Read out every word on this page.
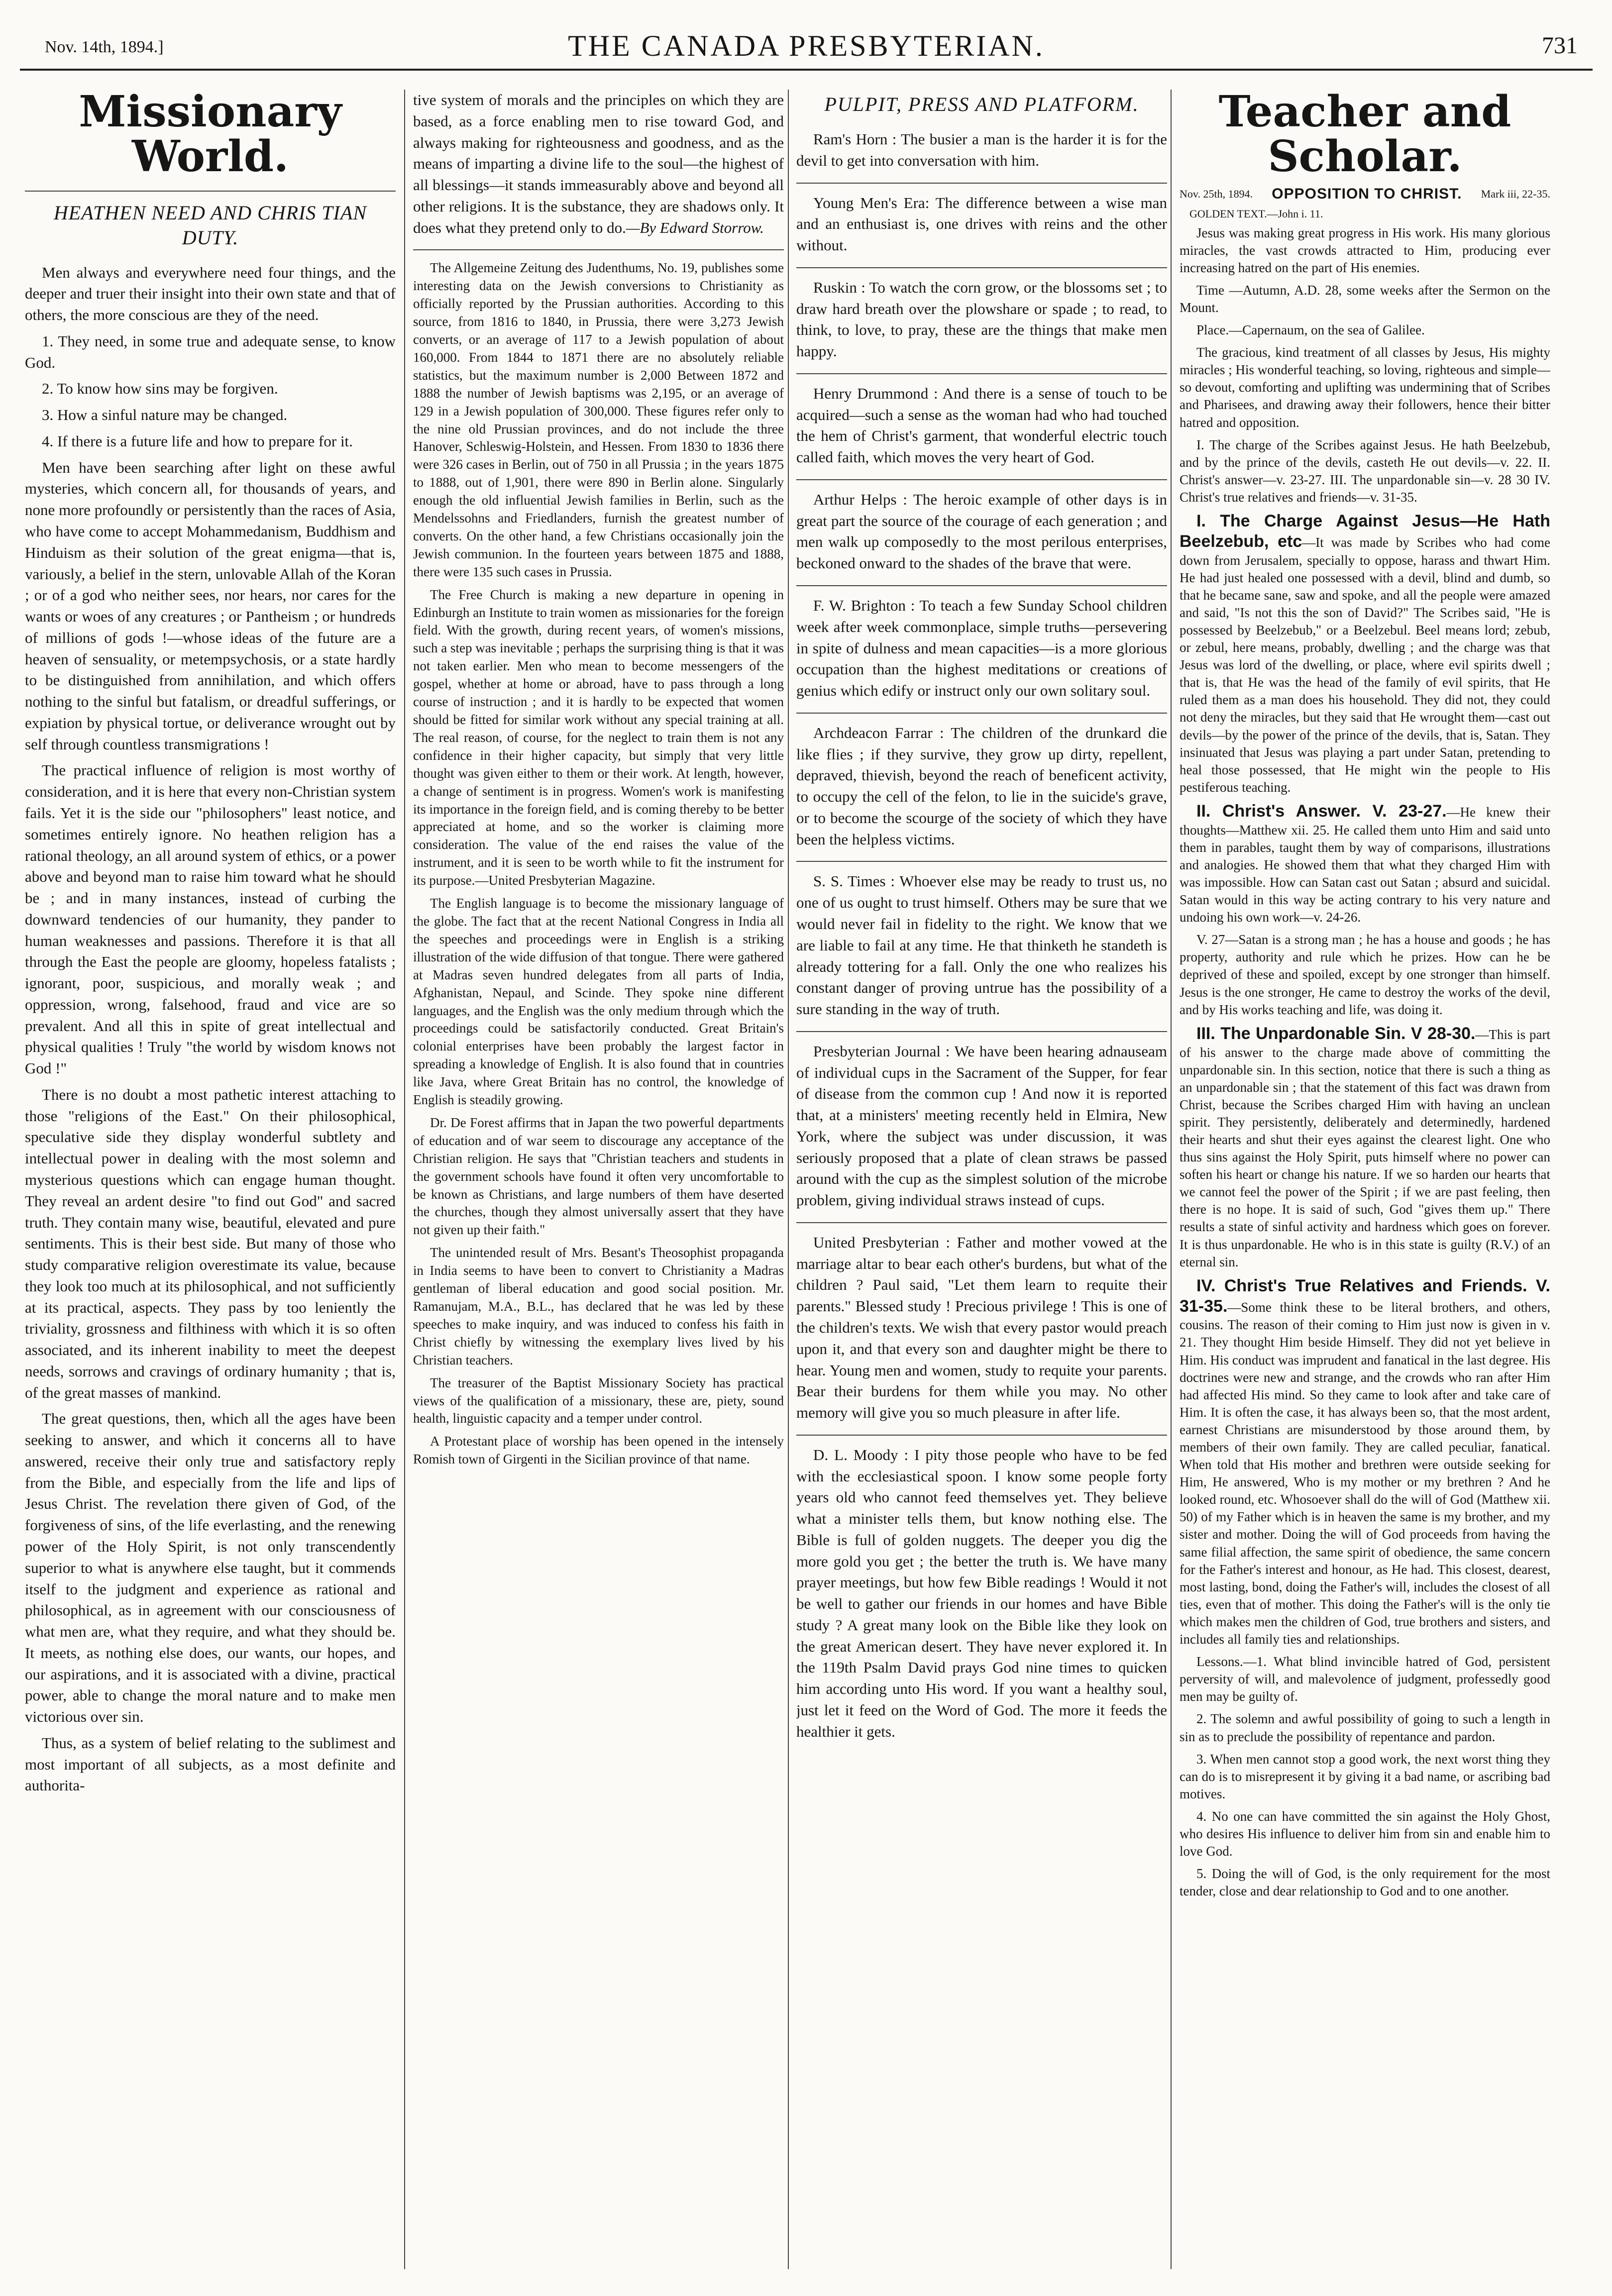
Nov. 14th, 1894.]	THE CANADA PRESBYTERIAN.	731
Missionary World.
HEATHEN NEED AND CHRIS TIAN DUTY.

Men always and everywhere need four things, and the deeper and truer their insight into their own state and that of others, the more conscious are they of the need.

1. They need, in some true and adequate sense, to know God.

2. To know how sins may be forgiven.

3. How a sinful nature may be changed.

4. If there is a future life and how to prepare for it.

Men have been searching after light on these awful mysteries, which concern all, for thousands of years, and none more profoundly or persistently than the races of Asia, who have come to accept Mohammedanism, Buddhism and Hinduism as their solution of the great enigma—that is, variously, a belief in the stern, unlovable Allah of the Koran ; or of a god who neither sees, nor hears, nor cares for the wants or woes of any creatures ; or Pantheism ; or hundreds of millions of gods !—whose ideas of the future are a heaven of sensuality, or metempsychosis, or a state hardly to be distinguished from annihilation, and which offers nothing to the sinful but fatalism, or dreadful sufferings, or expiation by physical tortue, or deliverance wrought out by self through countless transmigrations !

The practical influence of religion is most worthy of consideration, and it is here that every non-Christian system fails. Yet it is the side our "philosophers" least notice, and sometimes entirely ignore. No heathen religion has a rational theology, an all around system of ethics, or a power above and beyond man to raise him toward what he should be ; and in many instances, instead of curbing the downward tendencies of our humanity, they pander to human weaknesses and passions. Therefore it is that all through the East the people are gloomy, hopeless fatalists ; ignorant, poor, suspicious, and morally weak ; and oppression, wrong, falsehood, fraud and vice are so prevalent. And all this in spite of great intellectual and physical qualities ! Truly "the world by wisdom knows not God !"

There is no doubt a most pathetic interest attaching to those "religions of the East." On their philosophical, speculative side they display wonderful subtlety and intellectual power in dealing with the most solemn and mysterious questions which can engage human thought. They reveal an ardent desire "to find out God" and sacred truth. They contain many wise, beautiful, elevated and pure sentiments. This is their best side. But many of those who study comparative religion overestimate its value, because they look too much at its philosophical, and not sufficiently at its practical, aspects. They pass by too leniently the triviality, grossness and filthiness with which it is so often associated, and its inherent inability to meet the deepest needs, sorrows and cravings of ordinary humanity ; that is, of the great masses of mankind.

The great questions, then, which all the ages have been seeking to answer, and which it concerns all to have answered, receive their only true and satisfactory reply from the Bible, and especially from the life and lips of Jesus Christ. The revelation there given of God, of the forgiveness of sins, of the life everlasting, and the renewing power of the Holy Spirit, is not only transcendently superior to what is anywhere else taught, but it commends itself to the judgment and experience as rational and philosophical, as in agreement with our consciousness of what men are, what they require, and what they should be. It meets, as nothing else does, our wants, our hopes, and our aspirations, and it is associated with a divine, practical power, able to change the moral nature and to make men victorious over sin.

Thus, as a system of belief relating to the sublimest and most important of all subjects, as a most definite and authorita-

tive system of morals and the principles on which they are based, as a force enabling men to rise toward God, and always making for righteousness and goodness, and as the means of imparting a divine life to the soul—the highest of all blessings—it stands immeasurably above and beyond all other religions. It is the substance, they are shadows only. It does what they pretend only to do.—By Edward Storrow.

The Allgemeine Zeitung des Judenthums, No. 19, publishes some interesting data on the Jewish conversions to Christianity as officially reported by the Prussian authorities. According to this source, from 1816 to 1840, in Prussia, there were 3,273 Jewish converts, or an average of 117 to a Jewish population of about 160,000. From 1844 to 1871 there are no absolutely reliable statistics, but the maximum number is 2,000 Between 1872 and 1888 the number of Jewish baptisms was 2,195, or an average of 129 in a Jewish population of 300,000. These figures refer only to the nine old Prussian provinces, and do not include the three Hanover, Schleswig-Holstein, and Hessen. From 1830 to 1836 there were 326 cases in Berlin, out of 750 in all Prussia ; in the years 1875 to 1888, out of 1,901, there were 890 in Berlin alone. Singularly enough the old influential Jewish families in Berlin, such as the Mendelssohns and Friedlanders, furnish the greatest number of converts. On the other hand, a few Christians occasionally join the Jewish communion. In the fourteen years between 1875 and 1888, there were 135 such cases in Prussia.

The Free Church is making a new departure in opening in Edinburgh an Institute to train women as missionaries for the foreign field. With the growth, during recent years, of women's missions, such a step was inevitable ; perhaps the surprising thing is that it was not taken earlier. Men who mean to become messengers of the gospel, whether at home or abroad, have to pass through a long course of instruction ; and it is hardly to be expected that women should be fitted for similar work without any special training at all. The real reason, of course, for the neglect to train them is not any confidence in their higher capacity, but simply that very little thought was given either to them or their work. At length, however, a change of sentiment is in progress. Women's work is manifesting its importance in the foreign field, and is coming thereby to be better appreciated at home, and so the worker is claiming more consideration. The value of the end raises the value of the instrument, and it is seen to be worth while to fit the instrument for its purpose.—United Presbyterian Magazine.

The English language is to become the missionary language of the globe. The fact that at the recent National Congress in India all the speeches and proceedings were in English is a striking illustration of the wide diffusion of that tongue. There were gathered at Madras seven hundred delegates from all parts of India, Afghanistan, Nepaul, and Scinde. They spoke nine different languages, and the English was the only medium through which the proceedings could be satisfactorily conducted. Great Britain's colonial enterprises have been probably the largest factor in spreading a knowledge of English. It is also found that in countries like Java, where Great Britain has no control, the knowledge of English is steadily growing.

Dr. De Forest affirms that in Japan the two powerful departments of education and of war seem to discourage any acceptance of the Christian religion. He says that "Christian teachers and students in the government schools have found it often very uncomfortable to be known as Christians, and large numbers of them have deserted the churches, though they almost universally assert that they have not given up their faith."

The unintended result of Mrs. Besant's Theosophist propaganda in India seems to have been to convert to Christianity a Madras gentleman of liberal education and good social position. Mr. Ramanujam, M.A., B.L., has declared that he was led by these speeches to make inquiry, and was induced to confess his faith in Christ chiefly by witnessing the exemplary lives lived by his Christian teachers.

The treasurer of the Baptist Missionary Society has practical views of the qualification of a missionary, these are, piety, sound health, linguistic capacity and a temper under control.

A Protestant place of worship has been opened in the intensely Romish town of Girgenti in the Sicilian province of that name.

PULPIT, PRESS AND PLATFORM.

Ram's Horn : The busier a man is the harder it is for the devil to get into conversation with him.

Young Men's Era: The difference between a wise man and an enthusiast is, one drives with reins and the other without.

Ruskin : To watch the corn grow, or the blossoms set ; to draw hard breath over the plowshare or spade ; to read, to think, to love, to pray, these are the things that make men happy.

Henry Drummond : And there is a sense of touch to be acquired—such a sense as the woman had who had touched the hem of Christ's garment, that wonderful electric touch called faith, which moves the very heart of God.

Arthur Helps : The heroic example of other days is in great part the source of the courage of each generation ; and men walk up composedly to the most perilous enterprises, beckoned onward to the shades of the brave that were.

F. W. Brighton : To teach a few Sunday School children week after week commonplace, simple truths—persevering in spite of dulness and mean capacities—is a more glorious occupation than the highest meditations or creations of genius which edify or instruct only our own solitary soul.

Archdeacon Farrar : The children of the drunkard die like flies ; if they survive, they grow up dirty, repellent, depraved, thievish, beyond the reach of beneficent activity, to occupy the cell of the felon, to lie in the suicide's grave, or to become the scourge of the society of which they have been the helpless victims.

S. S. Times : Whoever else may be ready to trust us, no one of us ought to trust himself. Others may be sure that we would never fail in fidelity to the right. We know that we are liable to fail at any time. He that thinketh he standeth is already tottering for a fall. Only the one who realizes his constant danger of proving untrue has the possibility of a sure standing in the way of truth.

Presbyterian Journal : We have been hearing adnauseam of individual cups in the Sacrament of the Supper, for fear of disease from the common cup ! And now it is reported that, at a ministers' meeting recently held in Elmira, New York, where the subject was under discussion, it was seriously proposed that a plate of clean straws be passed around with the cup as the simplest solution of the microbe problem, giving individual straws instead of cups.

United Presbyterian : Father and mother vowed at the marriage altar to bear each other's burdens, but what of the children ? Paul said, "Let them learn to requite their parents." Blessed study ! Precious privilege ! This is one of the children's texts. We wish that every pastor would preach upon it, and that every son and daughter might be there to hear. Young men and women, study to requite your parents. Bear their burdens for them while you may. No other memory will give you so much pleasure in after life.

D. L. Moody : I pity those people who have to be fed with the ecclesiastical spoon. I know some people forty years old who cannot feed themselves yet. They believe what a minister tells them, but know nothing else. The Bible is full of golden nuggets. The deeper you dig the more gold you get ; the better the truth is. We have many prayer meetings, but how few Bible readings ! Would it not be well to gather our friends in our homes and have Bible study ? A great many look on the Bible like they look on the great American desert. They have never explored it. In the 119th Psalm David prays God nine times to quicken him according unto His word. If you want a healthy soul, just let it feed on the Word of God. The more it feeds the healthier it gets.

Teacher and Scholar.
Nov. 25th, 1894. OPPOSITION TO CHRIST. Mark iii, 22-35.
GOLDEN TEXT.—John i. 11.

Jesus was making great progress in His work. His many glorious miracles, the vast crowds attracted to Him, producing ever increasing hatred on the part of His enemies.

Time —Autumn, A.D. 28, some weeks after the Sermon on the Mount.

Place.—Capernaum, on the sea of Galilee.

The gracious, kind treatment of all classes by Jesus, His mighty miracles ; His wonderful teaching, so loving, righteous and simple—so devout, comforting and uplifting was undermining that of Scribes and Pharisees, and drawing away their followers, hence their bitter hatred and opposition.

I. The charge of the Scribes against Jesus. He hath Beelzebub, and by the prince of the devils, casteth He out devils—v. 22. II. Christ's answer—v. 23-27. III. The unpardonable sin—v. 28 30 IV. Christ's true relatives and friends—v. 31-35.

I. The Charge Against Jesus—He Hath Beelzebub, etc—It was made by Scribes who had come down from Jerusalem, specially to oppose, harass and thwart Him. He had just healed one possessed with a devil, blind and dumb, so that he became sane, saw and spoke, and all the people were amazed and said, "Is not this the son of David?" The Scribes said, "He is possessed by Beelzebub," or a Beelzebul. Beel means lord; zebub, or zebul, here means, probably, dwelling ; and the charge was that Jesus was lord of the dwelling, or place, where evil spirits dwell ; that is, that He was the head of the family of evil spirits, that He ruled them as a man does his household. They did not, they could not deny the miracles, but they said that He wrought them—cast out devils—by the power of the prince of the devils, that is, Satan. They insinuated that Jesus was playing a part under Satan, pretending to heal those possessed, that He might win the people to His pestiferous teaching.

II. Christ's Answer. V. 23-27.—He knew their thoughts—Matthew xii. 25. He called them unto Him and said unto them in parables, taught them by way of comparisons, illustrations and analogies. He showed them that what they charged Him with was impossible. How can Satan cast out Satan ; absurd and suicidal. Satan would in this way be acting contrary to his very nature and undoing his own work—v. 24-26.

V. 27—Satan is a strong man ; he has a house and goods ; he has property, authority and rule which he prizes. How can he be deprived of these and spoiled, except by one stronger than himself. Jesus is the one stronger, He came to destroy the works of the devil, and by His works teaching and life, was doing it.

III. The Unpardonable Sin. V 28-30.—This is part of his answer to the charge made above of committing the unpardonable sin. In this section, notice that there is such a thing as an unpardonable sin ; that the statement of this fact was drawn from Christ, because the Scribes charged Him with having an unclean spirit. They persistently, deliberately and determinedly, hardened their hearts and shut their eyes against the clearest light. One who thus sins against the Holy Spirit, puts himself where no power can soften his heart or change his nature. If we so harden our hearts that we cannot feel the power of the Spirit ; if we are past feeling, then there is no hope. It is said of such, God "gives them up." There results a state of sinful activity and hardness which goes on forever. It is thus unpardonable. He who is in this state is guilty (R.V.) of an eternal sin.

IV. Christ's True Relatives and Friends. V. 31-35.—Some think these to be literal brothers, and others, cousins. The reason of their coming to Him just now is given in v. 21. They thought Him beside Himself. They did not yet believe in Him. His conduct was imprudent and fanatical in the last degree. His doctrines were new and strange, and the crowds who ran after Him had affected His mind. So they came to look after and take care of Him. It is often the case, it has always been so, that the most ardent, earnest Christians are misunderstood by those around them, by members of their own family. They are called peculiar, fanatical. When told that His mother and brethren were outside seeking for Him, He answered, Who is my mother or my brethren ? And he looked round, etc. Whosoever shall do the will of God (Matthew xii. 50) of my Father which is in heaven the same is my brother, and my sister and mother. Doing the will of God proceeds from having the same filial affection, the same spirit of obedience, the same concern for the Father's interest and honour, as He had. This closest, dearest, most lasting, bond, doing the Father's will, includes the closest of all ties, even that of mother. This doing the Father's will is the only tie which makes men the children of God, true brothers and sisters, and includes all family ties and relationships.

Lessons.—1. What blind invincible hatred of God, persistent perversity of will, and malevolence of judgment, professedly good men may be guilty of.

2. The solemn and awful possibility of going to such a length in sin as to preclude the possibility of repentance and pardon.

3. When men cannot stop a good work, the next worst thing they can do is to misrepresent it by giving it a bad name, or ascribing bad motives.

4. No one can have committed the sin against the Holy Ghost, who desires His influence to deliver him from sin and enable him to love God.

5. Doing the will of God, is the only requirement for the most tender, close and dear relationship to God and to one another.
